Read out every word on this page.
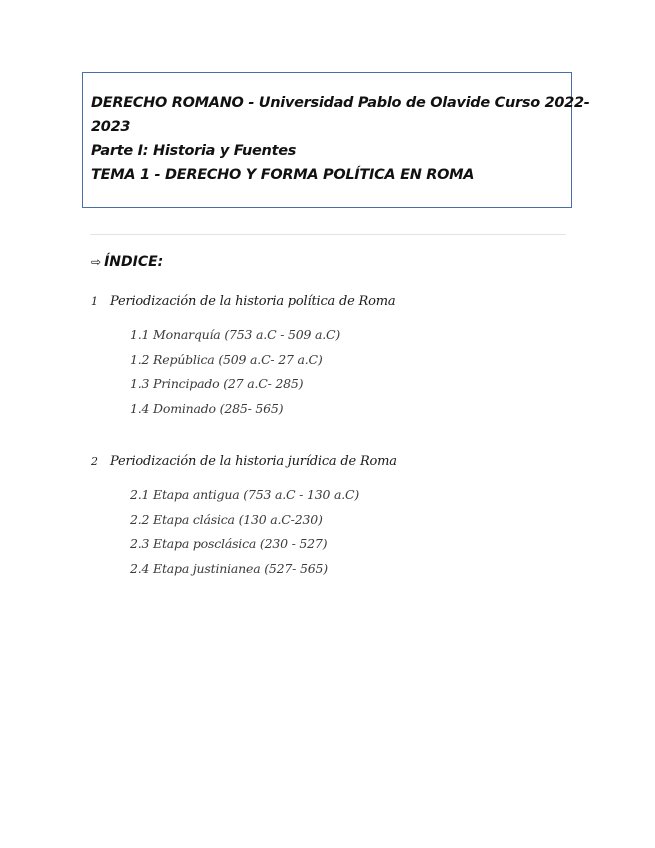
DERECHO ROMANO - Universidad Pablo de Olavide Curso 2022-
2023
Parte I: Historia y Fuentes
TEMA 1 - DERECHO Y FORMA POLÍTICA EN ROMA
⇨ ÍNDICE:
1 Periodización de la historia política de Roma
1.1 Monarquía (753 a.C - 509 a.C)
1.2 República (509 a.C- 27 a.C)
1.3 Principado (27 a.C- 285)
1.4 Dominado (285- 565)
2 Periodización de la historia jurídica de Roma
2.1 Etapa antigua (753 a.C - 130 a.C)
2.2 Etapa clásica (130 a.C-230)
2.3 Etapa posclásica (230 - 527)
2.4 Etapa justinianea (527- 565)
